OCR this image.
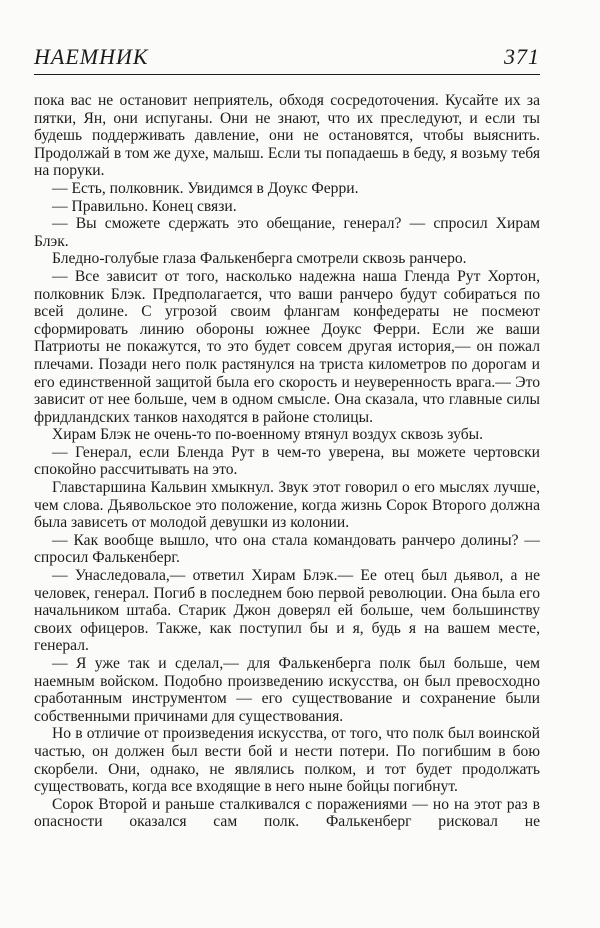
НАЕМНИК	371

пока вас не остановит неприятель, обходя сосредоточения. Кусайте их за пятки, Ян, они испуганы. Они не знают, что их преследуют, и если ты будешь поддерживать давление, они не остановятся, чтобы выяснить. Продолжай в том же духе, малыш. Если ты попадаешь в беду, я возьму тебя на поруки.

— Есть, полковник. Увидимся в Доукс Ферри.

— Правильно. Конец связи.

— Вы сможете сдержать это обещание, генерал? — спросил Хирам Блэк.

Бледно-голубые глаза Фалькенберга смотрели сквозь ранчеро.

— Все зависит от того, насколько надежна наша Гленда Рут Хортон, полковник Блэк. Предполагается, что ваши ранчеро будут собираться по всей долине. С угрозой своим флангам конфедераты не посмеют сформировать линию обороны южнее Доукс Ферри. Если же ваши Патриоты не покажутся, то это будет совсем другая история,— он пожал плечами. Позади него полк растянулся на триста километров по дорогам и его единственной защитой была его скорость и неуверенность врага.— Это зависит от нее больше, чем в одном смысле. Она сказала, что главные силы фридландских танков находятся в районе столицы.

Хирам Блэк не очень-то по-военному втянул воздух сквозь зубы.

— Генерал, если Бленда Рут в чем-то уверена, вы можете чертовски спокойно рассчитывать на это.

Главстаршина Кальвин хмыкнул. Звук этот говорил о его мыслях лучше, чем слова. Дьявольское это положение, когда жизнь Сорок Второго должна была зависеть от молодой девушки из колонии.

— Как вообще вышло, что она стала командовать ранчеро долины? — спросил Фалькенберг.

— Унаследовала,— ответил Хирам Блэк.— Ее отец был дьявол, а не человек, генерал. Погиб в последнем бою первой революции. Она была его начальником штаба. Старик Джон доверял ей больше, чем большинству своих офицеров. Также, как поступил бы и я, будь я на вашем месте, генерал.

— Я уже так и сделал,— для Фалькенберга полк был больше, чем наемным войском. Подобно произведению искусства, он был превосходно сработанным инструментом — его существование и сохранение были собственными причинами для существования.

Но в отличие от произведения искусства, от того, что полк был воинской частью, он должен был вести бой и нести потери. По погибшим в бою скорбели. Они, однако, не являлись полком, и тот будет продолжать существовать, когда все входящие в него ныне бойцы погибнут.

Сорок Второй и раньше сталкивался с поражениями — но на этот раз в опасности оказался сам полк. Фалькенберг рисковал не
